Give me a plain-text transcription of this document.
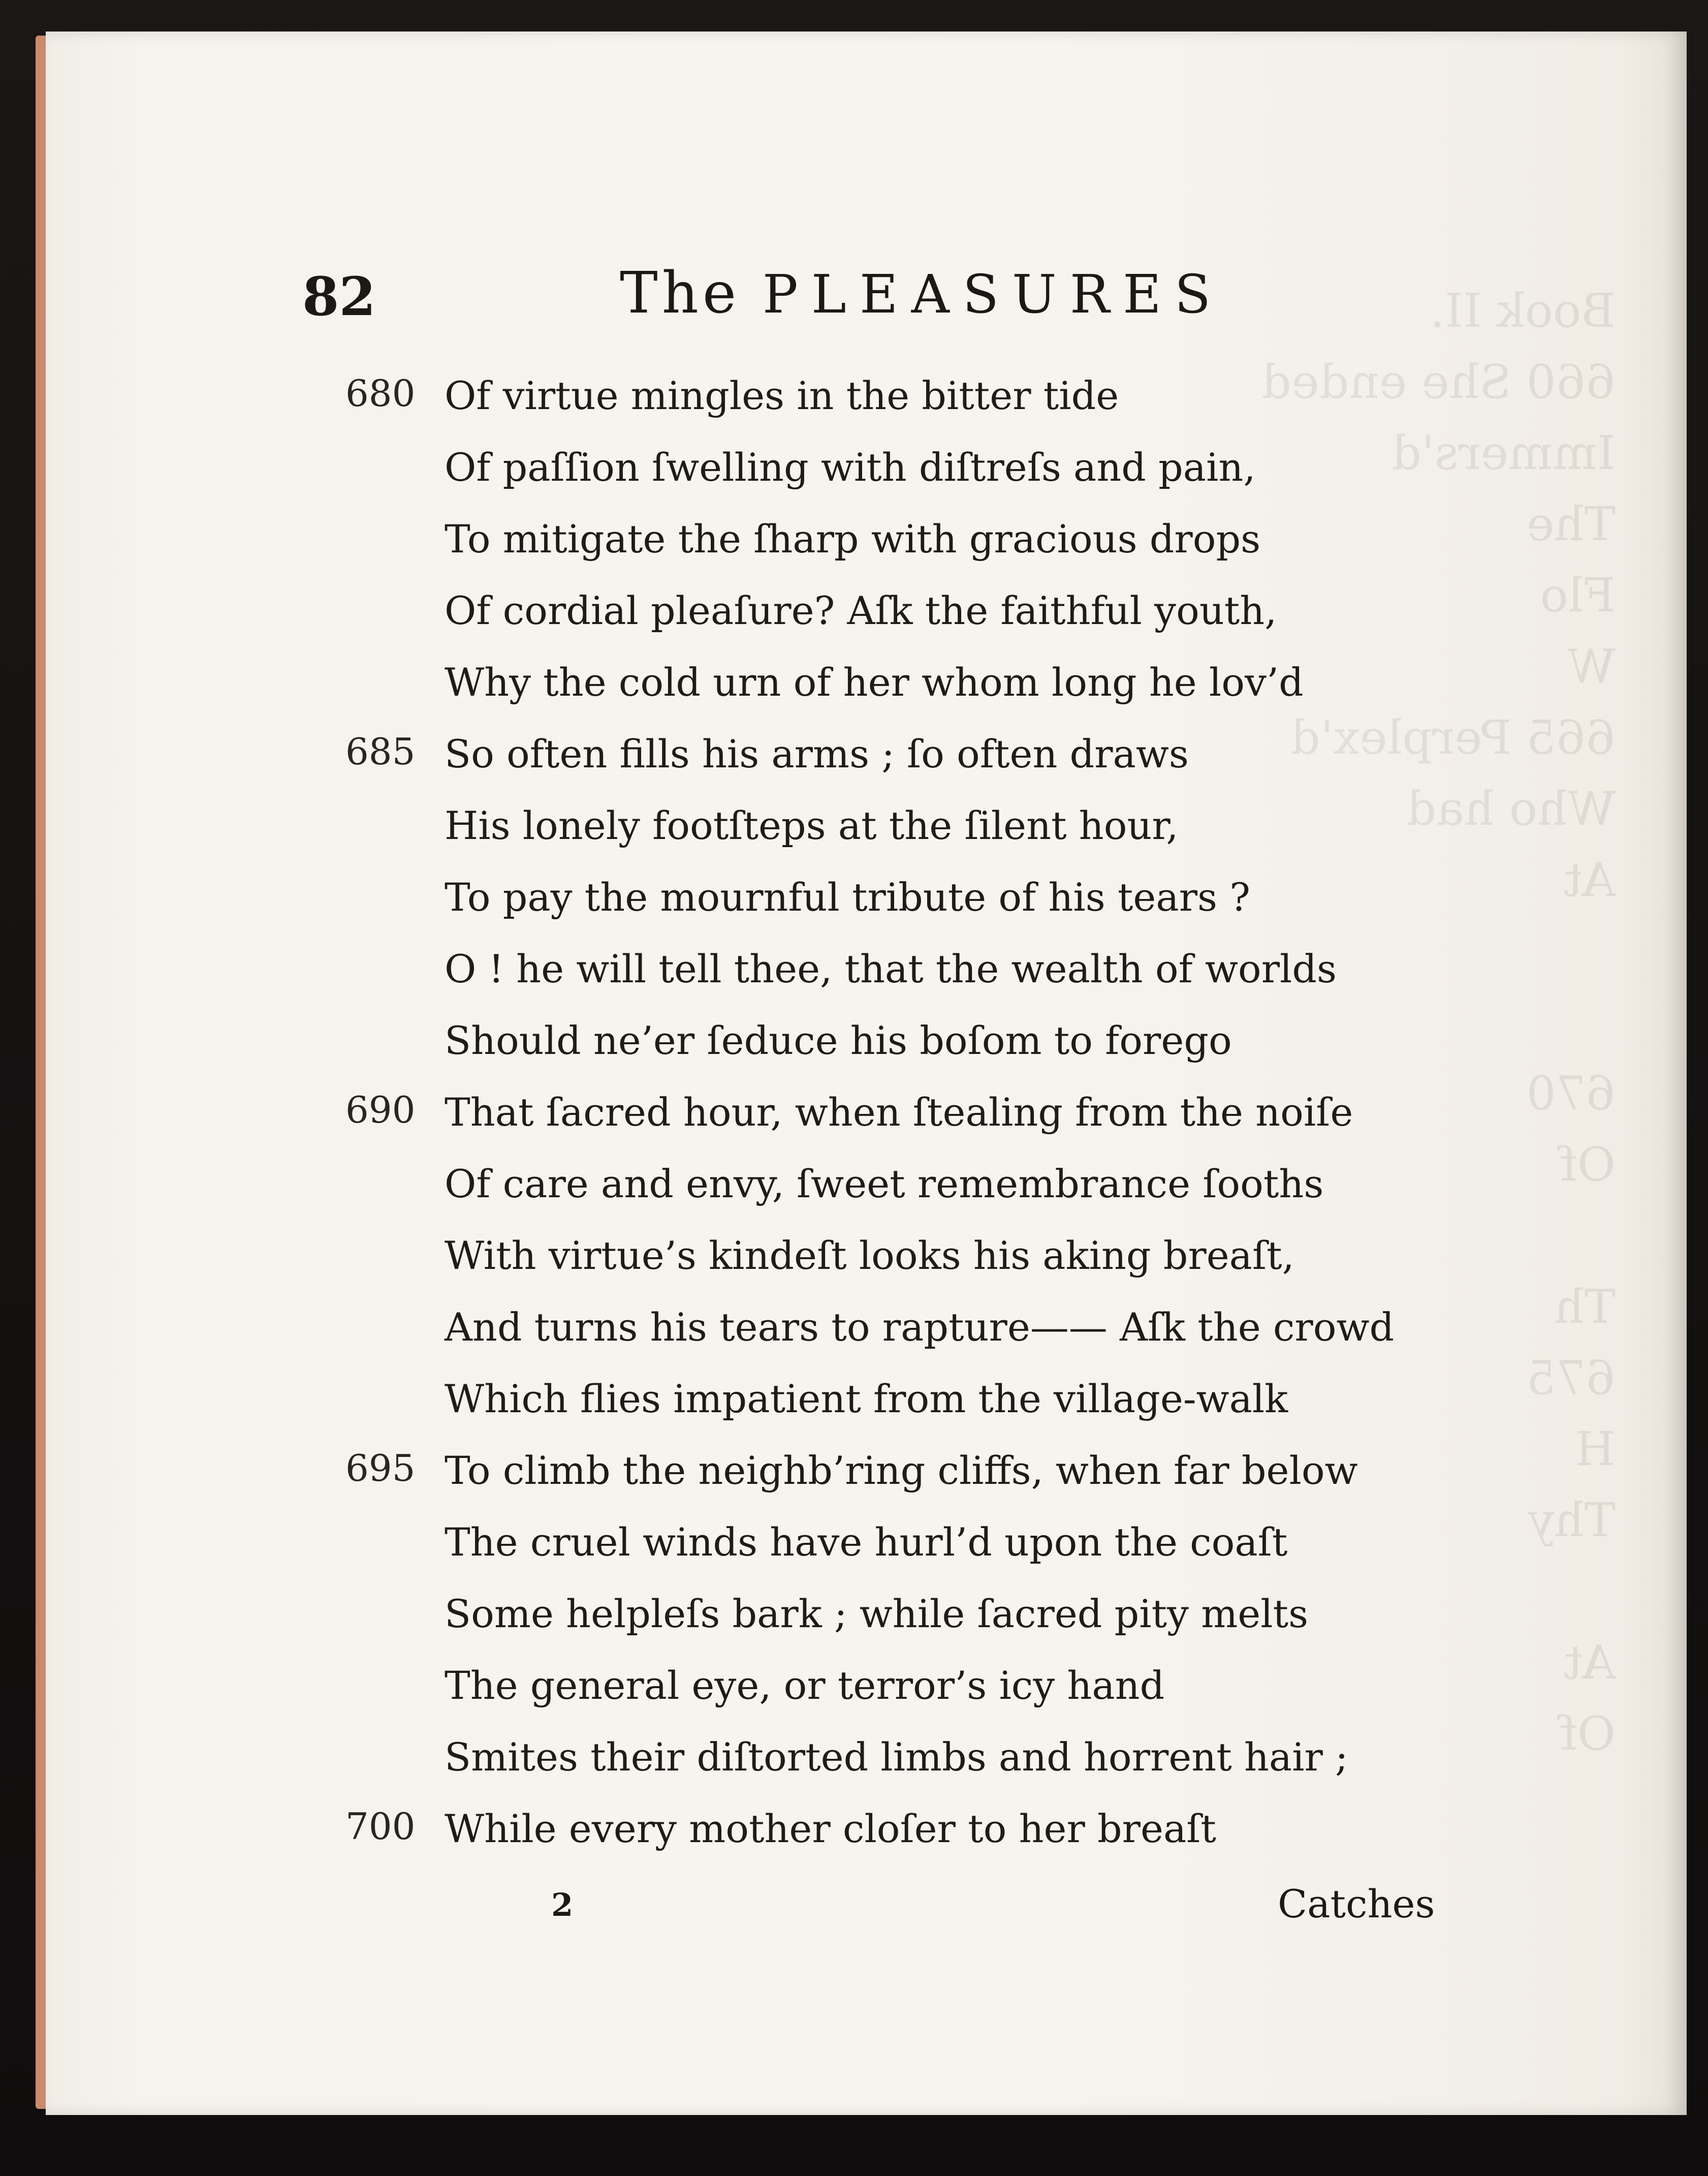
Book II.
660 She ended
Immers'd
The
Flo
W
665 Perplex'd
Who had
At

670
Of

Th
675
H
Thy

At
Of
82	The PLEASURES
680 Of virtue mingles in the bitter tide
Of paſſion ſwelling with diſtreſs and pain,
To mitigate the ſharp with gracious drops
Of cordial pleaſure? Aſk the faithful youth,
Why the cold urn of her whom long he lov’d
685 So often fills his arms ; ſo often draws
His lonely footſteps at the ſilent hour,
To pay the mournful tribute of his tears ?
O ! he will tell thee, that the wealth of worlds
Should ne’er ſeduce his boſom to forego
690 That ſacred hour, when ſtealing from the noiſe
Of care and envy, ſweet remembrance ſooths
With virtue’s kindeſt looks his aking breaſt,
And turns his tears to rapture—— Aſk the crowd
Which flies impatient from the village-walk
695 To climb the neighb’ring cliffs, when far below
The cruel winds have hurl’d upon the coaſt
Some helpleſs bark ; while ſacred pity melts
The general eye, or terror’s icy hand
Smites their diſtorted limbs and horrent hair ;
700 While every mother cloſer to her breaſt
2	Catches
